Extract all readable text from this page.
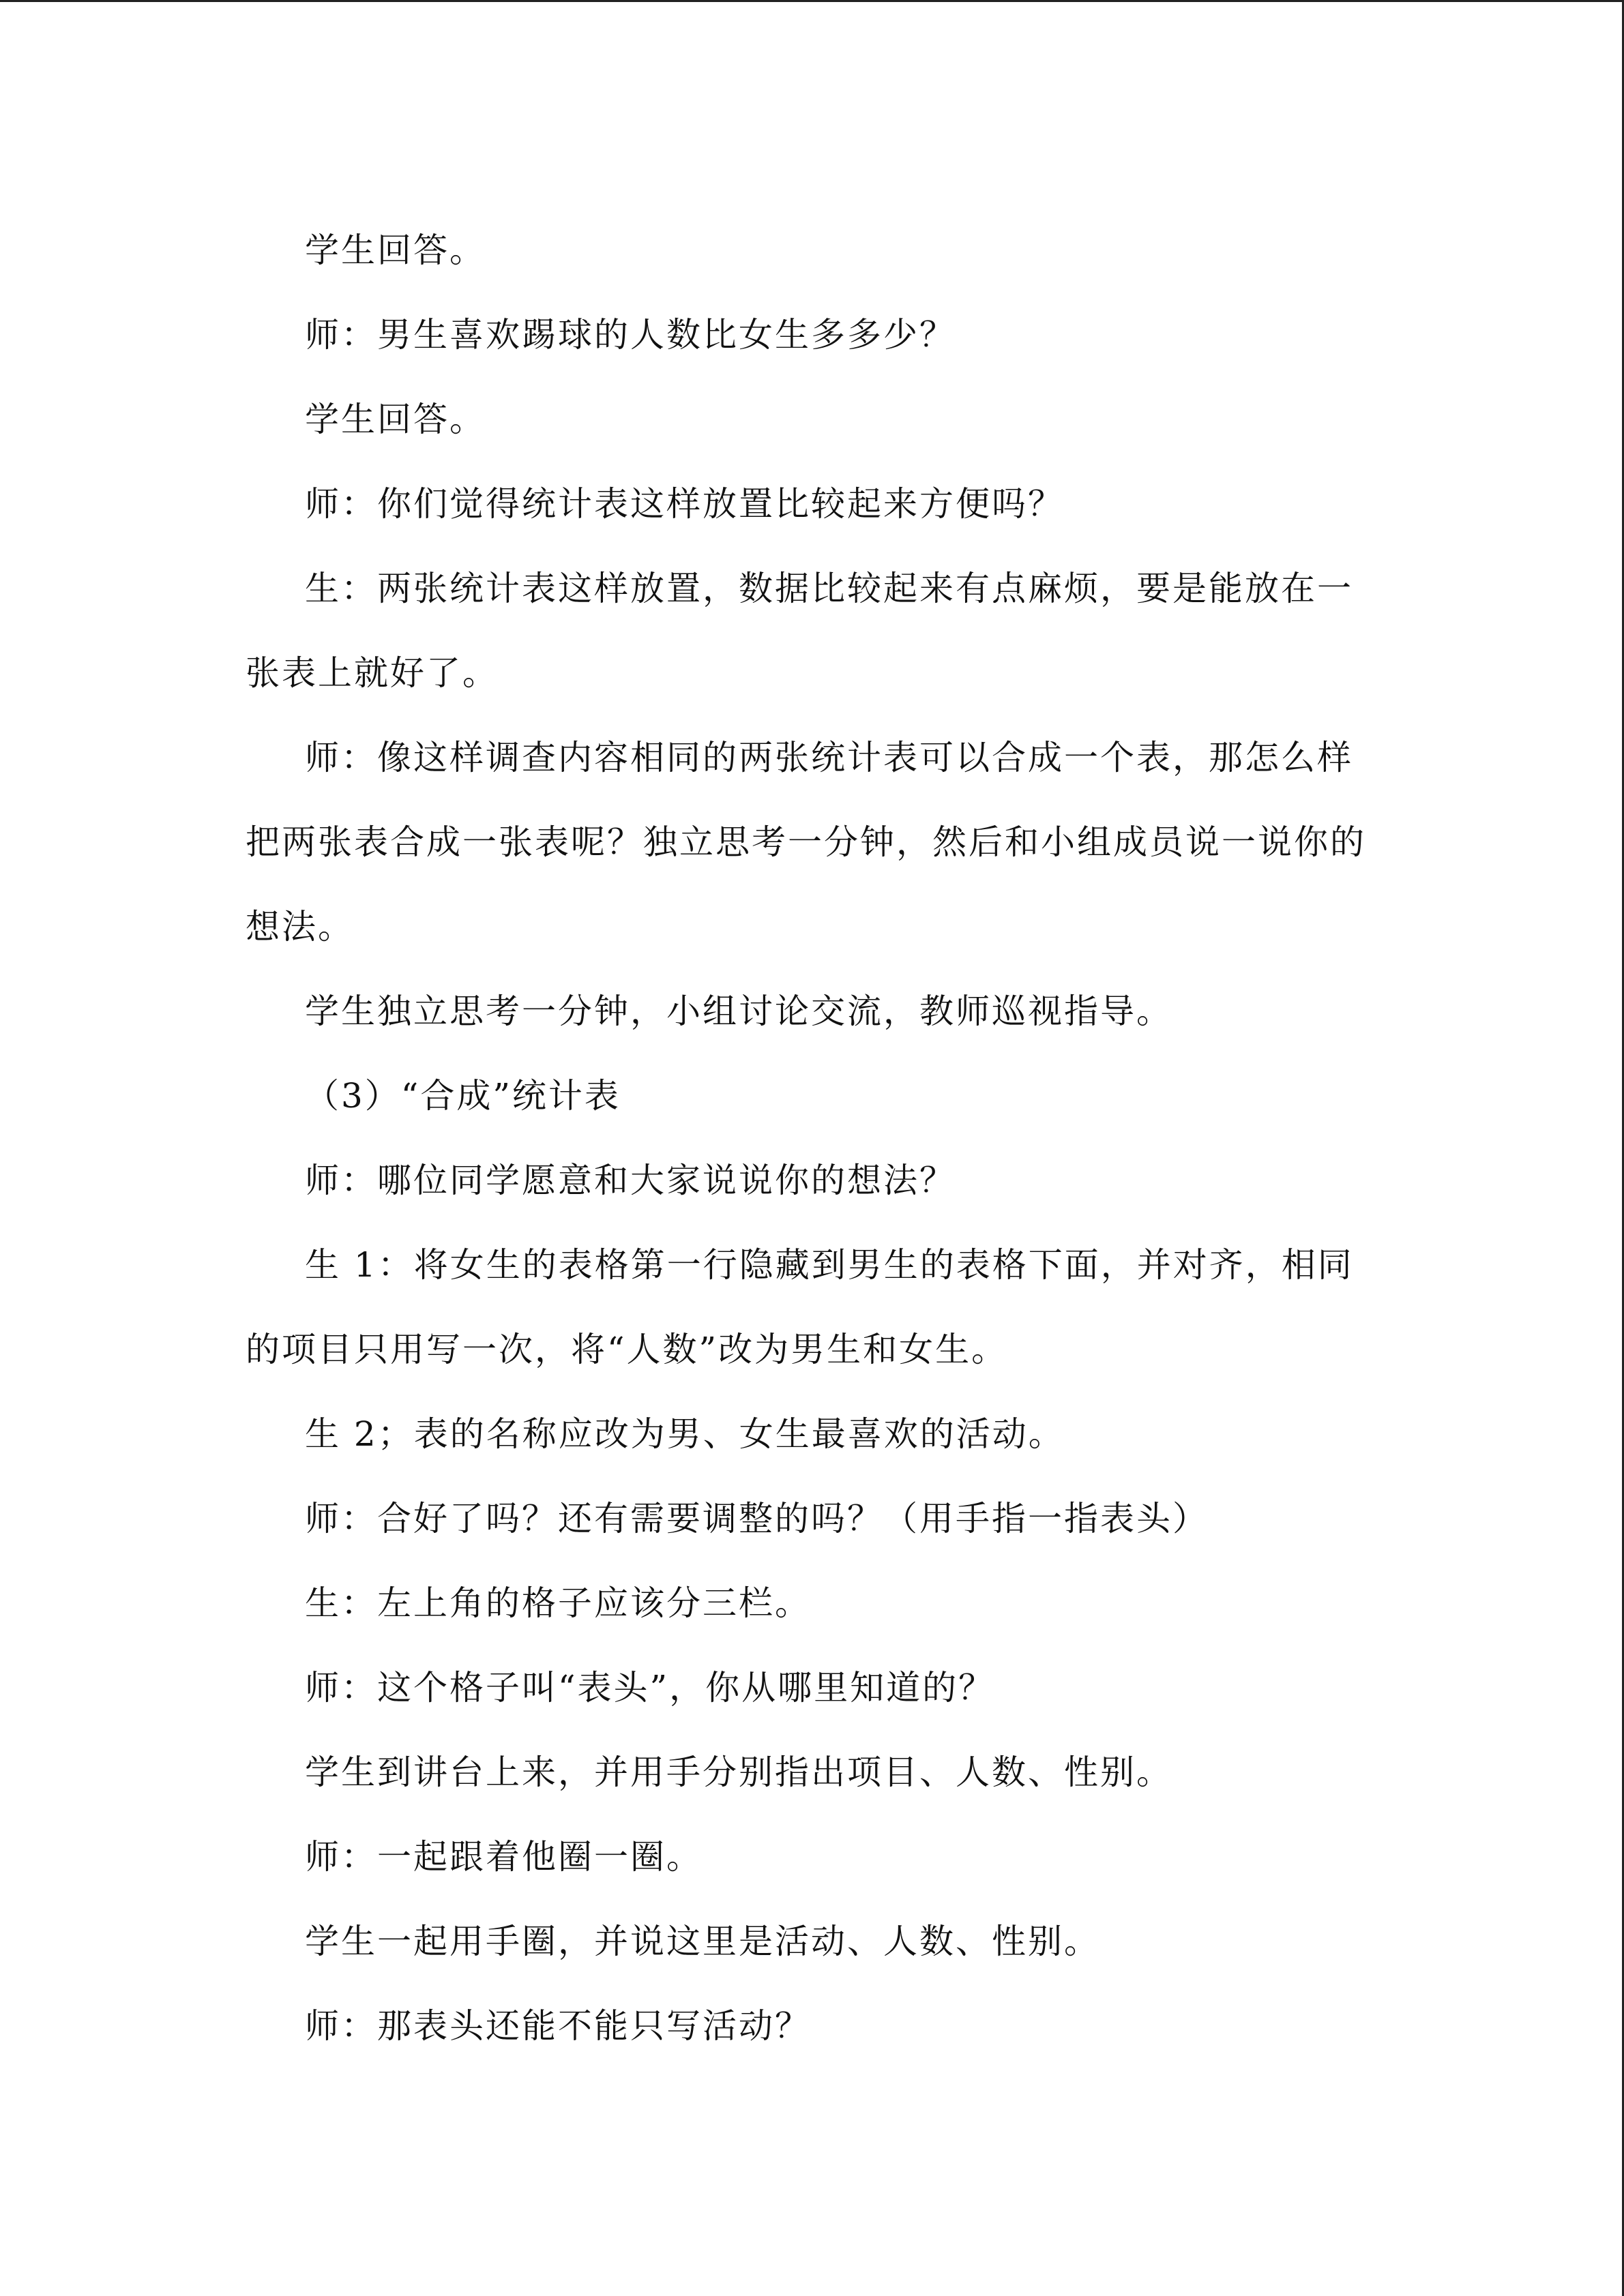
学生回答。

师：男生喜欢踢球的人数比女生多多少？

学生回答。

师：你们觉得统计表这样放置比较起来方便吗？

生：两张统计表这样放置，数据比较起来有点麻烦，要是能放在一张表上就好了。

师：像这样调查内容相同的两张统计表可以合成一个表，那怎么样把两张表合成一张表呢？独立思考一分钟，然后和小组成员说一说你的想法。

学生独立思考一分钟，小组讨论交流，教师巡视指导。

（3）“合成”统计表

师：哪位同学愿意和大家说说你的想法？

生 1：将女生的表格第一行隐藏到男生的表格下面，并对齐，相同的项目只用写一次，将“人数”改为男生和女生。

生 2；表的名称应改为男、女生最喜欢的活动。

师：合好了吗？还有需要调整的吗？（用手指一指表头）

生：左上角的格子应该分三栏。

师：这个格子叫“表头”，你从哪里知道的？

学生到讲台上来，并用手分别指出项目、人数、性别。

师：一起跟着他圈一圈。

学生一起用手圈，并说这里是活动、人数、性别。

师：那表头还能不能只写活动？
